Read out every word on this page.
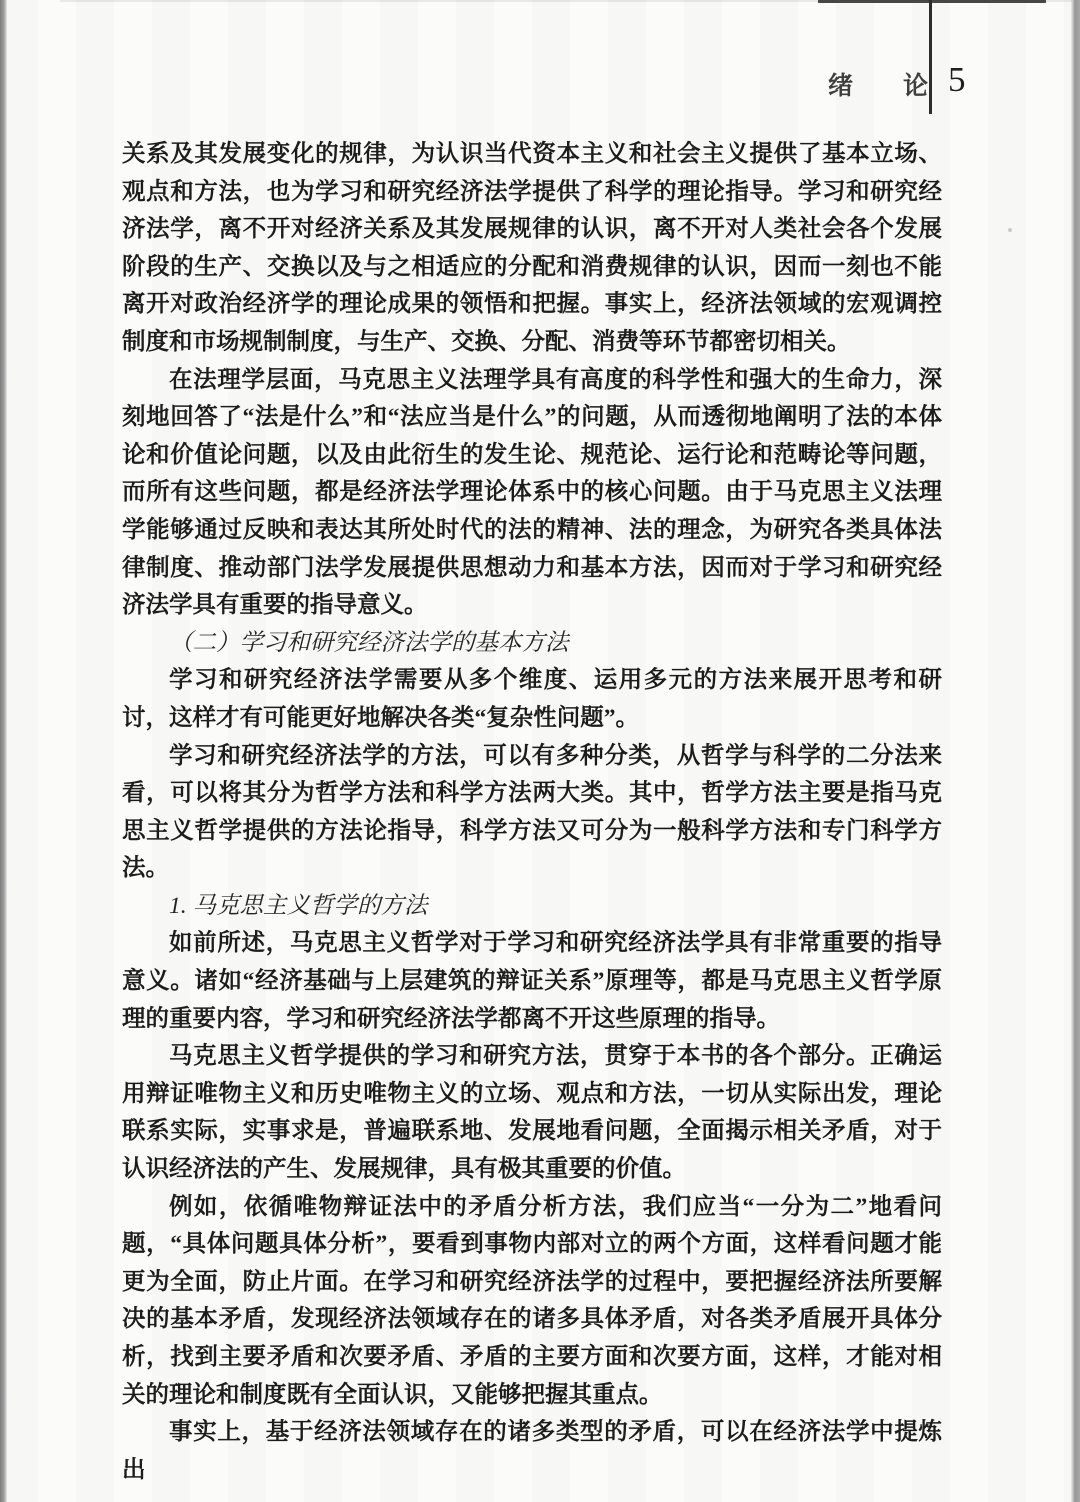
绪　　论 5

关系及其发展变化的规律，为认识当代资本主义和社会主义提供了基本立场、观点和方法，也为学习和研究经济法学提供了科学的理论指导。学习和研究经济法学，离不开对经济关系及其发展规律的认识，离不开对人类社会各个发展阶段的生产、交换以及与之相适应的分配和消费规律的认识，因而一刻也不能离开对政治经济学的理论成果的领悟和把握。事实上，经济法领域的宏观调控制度和市场规制制度，与生产、交换、分配、消费等环节都密切相关。

在法理学层面，马克思主义法理学具有高度的科学性和强大的生命力，深刻地回答了“法是什么”和“法应当是什么”的问题，从而透彻地阐明了法的本体论和价值论问题，以及由此衍生的发生论、规范论、运行论和范畴论等问题，而所有这些问题，都是经济法学理论体系中的核心问题。由于马克思主义法理学能够通过反映和表达其所处时代的法的精神、法的理念，为研究各类具体法律制度、推动部门法学发展提供思想动力和基本方法，因而对于学习和研究经济法学具有重要的指导意义。

（二）学习和研究经济法学的基本方法

学习和研究经济法学需要从多个维度、运用多元的方法来展开思考和研讨，这样才有可能更好地解决各类“复杂性问题”。

学习和研究经济法学的方法，可以有多种分类，从哲学与科学的二分法来看，可以将其分为哲学方法和科学方法两大类。其中，哲学方法主要是指马克思主义哲学提供的方法论指导，科学方法又可分为一般科学方法和专门科学方法。

1. 马克思主义哲学的方法

如前所述，马克思主义哲学对于学习和研究经济法学具有非常重要的指导意义。诸如“经济基础与上层建筑的辩证关系”原理等，都是马克思主义哲学原理的重要内容，学习和研究经济法学都离不开这些原理的指导。

马克思主义哲学提供的学习和研究方法，贯穿于本书的各个部分。正确运用辩证唯物主义和历史唯物主义的立场、观点和方法，一切从实际出发，理论联系实际，实事求是，普遍联系地、发展地看问题，全面揭示相关矛盾，对于认识经济法的产生、发展规律，具有极其重要的价值。

例如，依循唯物辩证法中的矛盾分析方法，我们应当“一分为二”地看问题，“具体问题具体分析”，要看到事物内部对立的两个方面，这样看问题才能更为全面，防止片面。在学习和研究经济法学的过程中，要把握经济法所要解决的基本矛盾，发现经济法领域存在的诸多具体矛盾，对各类矛盾展开具体分析，找到主要矛盾和次要矛盾、矛盾的主要方面和次要方面，这样，才能对相关的理论和制度既有全面认识，又能够把握其重点。

事实上，基于经济法领域存在的诸多类型的矛盾，可以在经济法学中提炼出
